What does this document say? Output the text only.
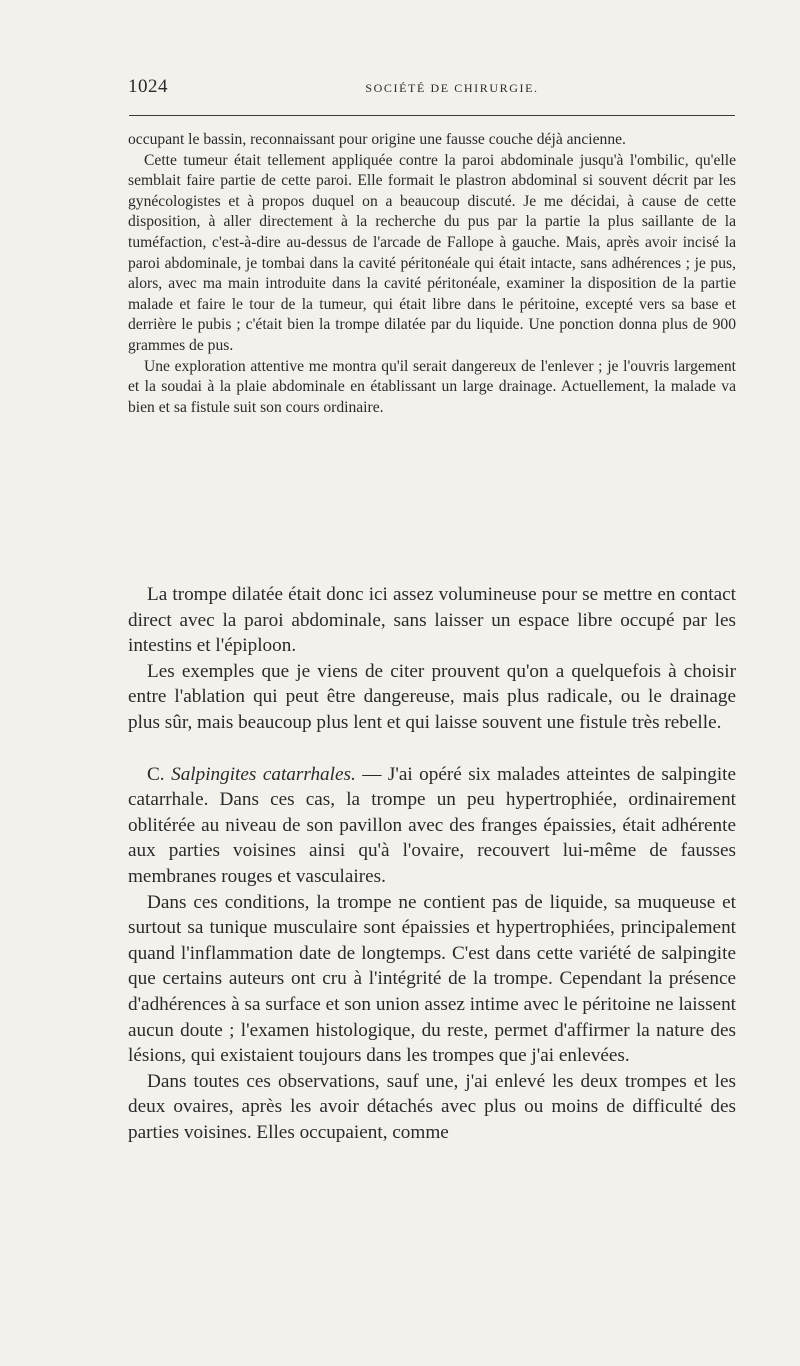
1024	SOCIÉTÉ DE CHIRURGIE.

occupant le bassin, reconnaissant pour origine une fausse couche déjà ancienne.

Cette tumeur était tellement appliquée contre la paroi abdominale jusqu'à l'ombilic, qu'elle semblait faire partie de cette paroi. Elle formait le plastron abdominal si souvent décrit par les gynécologistes et à propos duquel on a beaucoup discuté. Je me décidai, à cause de cette disposition, à aller directement à la recherche du pus par la partie la plus saillante de la tuméfaction, c'est-à-dire au-dessus de l'arcade de Fallope à gauche. Mais, après avoir incisé la paroi abdominale, je tombai dans la cavité péritonéale qui était intacte, sans adhérences ; je pus, alors, avec ma main introduite dans la cavité péritonéale, examiner la disposition de la partie malade et faire le tour de la tumeur, qui était libre dans le péritoine, excepté vers sa base et derrière le pubis ; c'était bien la trompe dilatée par du liquide. Une ponction donna plus de 900 grammes de pus.

Une exploration attentive me montra qu'il serait dangereux de l'enlever ; je l'ouvris largement et la soudai à la plaie abdominale en établissant un large drainage. Actuellement, la malade va bien et sa fistule suit son cours ordinaire.

La trompe dilatée était donc ici assez volumineuse pour se mettre en contact direct avec la paroi abdominale, sans laisser un espace libre occupé par les intestins et l'épiploon.

Les exemples que je viens de citer prouvent qu'on a quelquefois à choisir entre l'ablation qui peut être dangereuse, mais plus radicale, ou le drainage plus sûr, mais beaucoup plus lent et qui laisse souvent une fistule très rebelle.

C. Salpingites catarrhales. — J'ai opéré six malades atteintes de salpingite catarrhale. Dans ces cas, la trompe un peu hypertrophiée, ordinairement oblitérée au niveau de son pavillon avec des franges épaissies, était adhérente aux parties voisines ainsi qu'à l'ovaire, recouvert lui-même de fausses membranes rouges et vasculaires.

Dans ces conditions, la trompe ne contient pas de liquide, sa muqueuse et surtout sa tunique musculaire sont épaissies et hypertrophiées, principalement quand l'inflammation date de longtemps. C'est dans cette variété de salpingite que certains auteurs ont cru à l'intégrité de la trompe. Cependant la présence d'adhérences à sa surface et son union assez intime avec le péritoine ne laissent aucun doute ; l'examen histologique, du reste, permet d'affirmer la nature des lésions, qui existaient toujours dans les trompes que j'ai enlevées.

Dans toutes ces observations, sauf une, j'ai enlevé les deux trompes et les deux ovaires, après les avoir détachés avec plus ou moins de difficulté des parties voisines. Elles occupaient, comme
